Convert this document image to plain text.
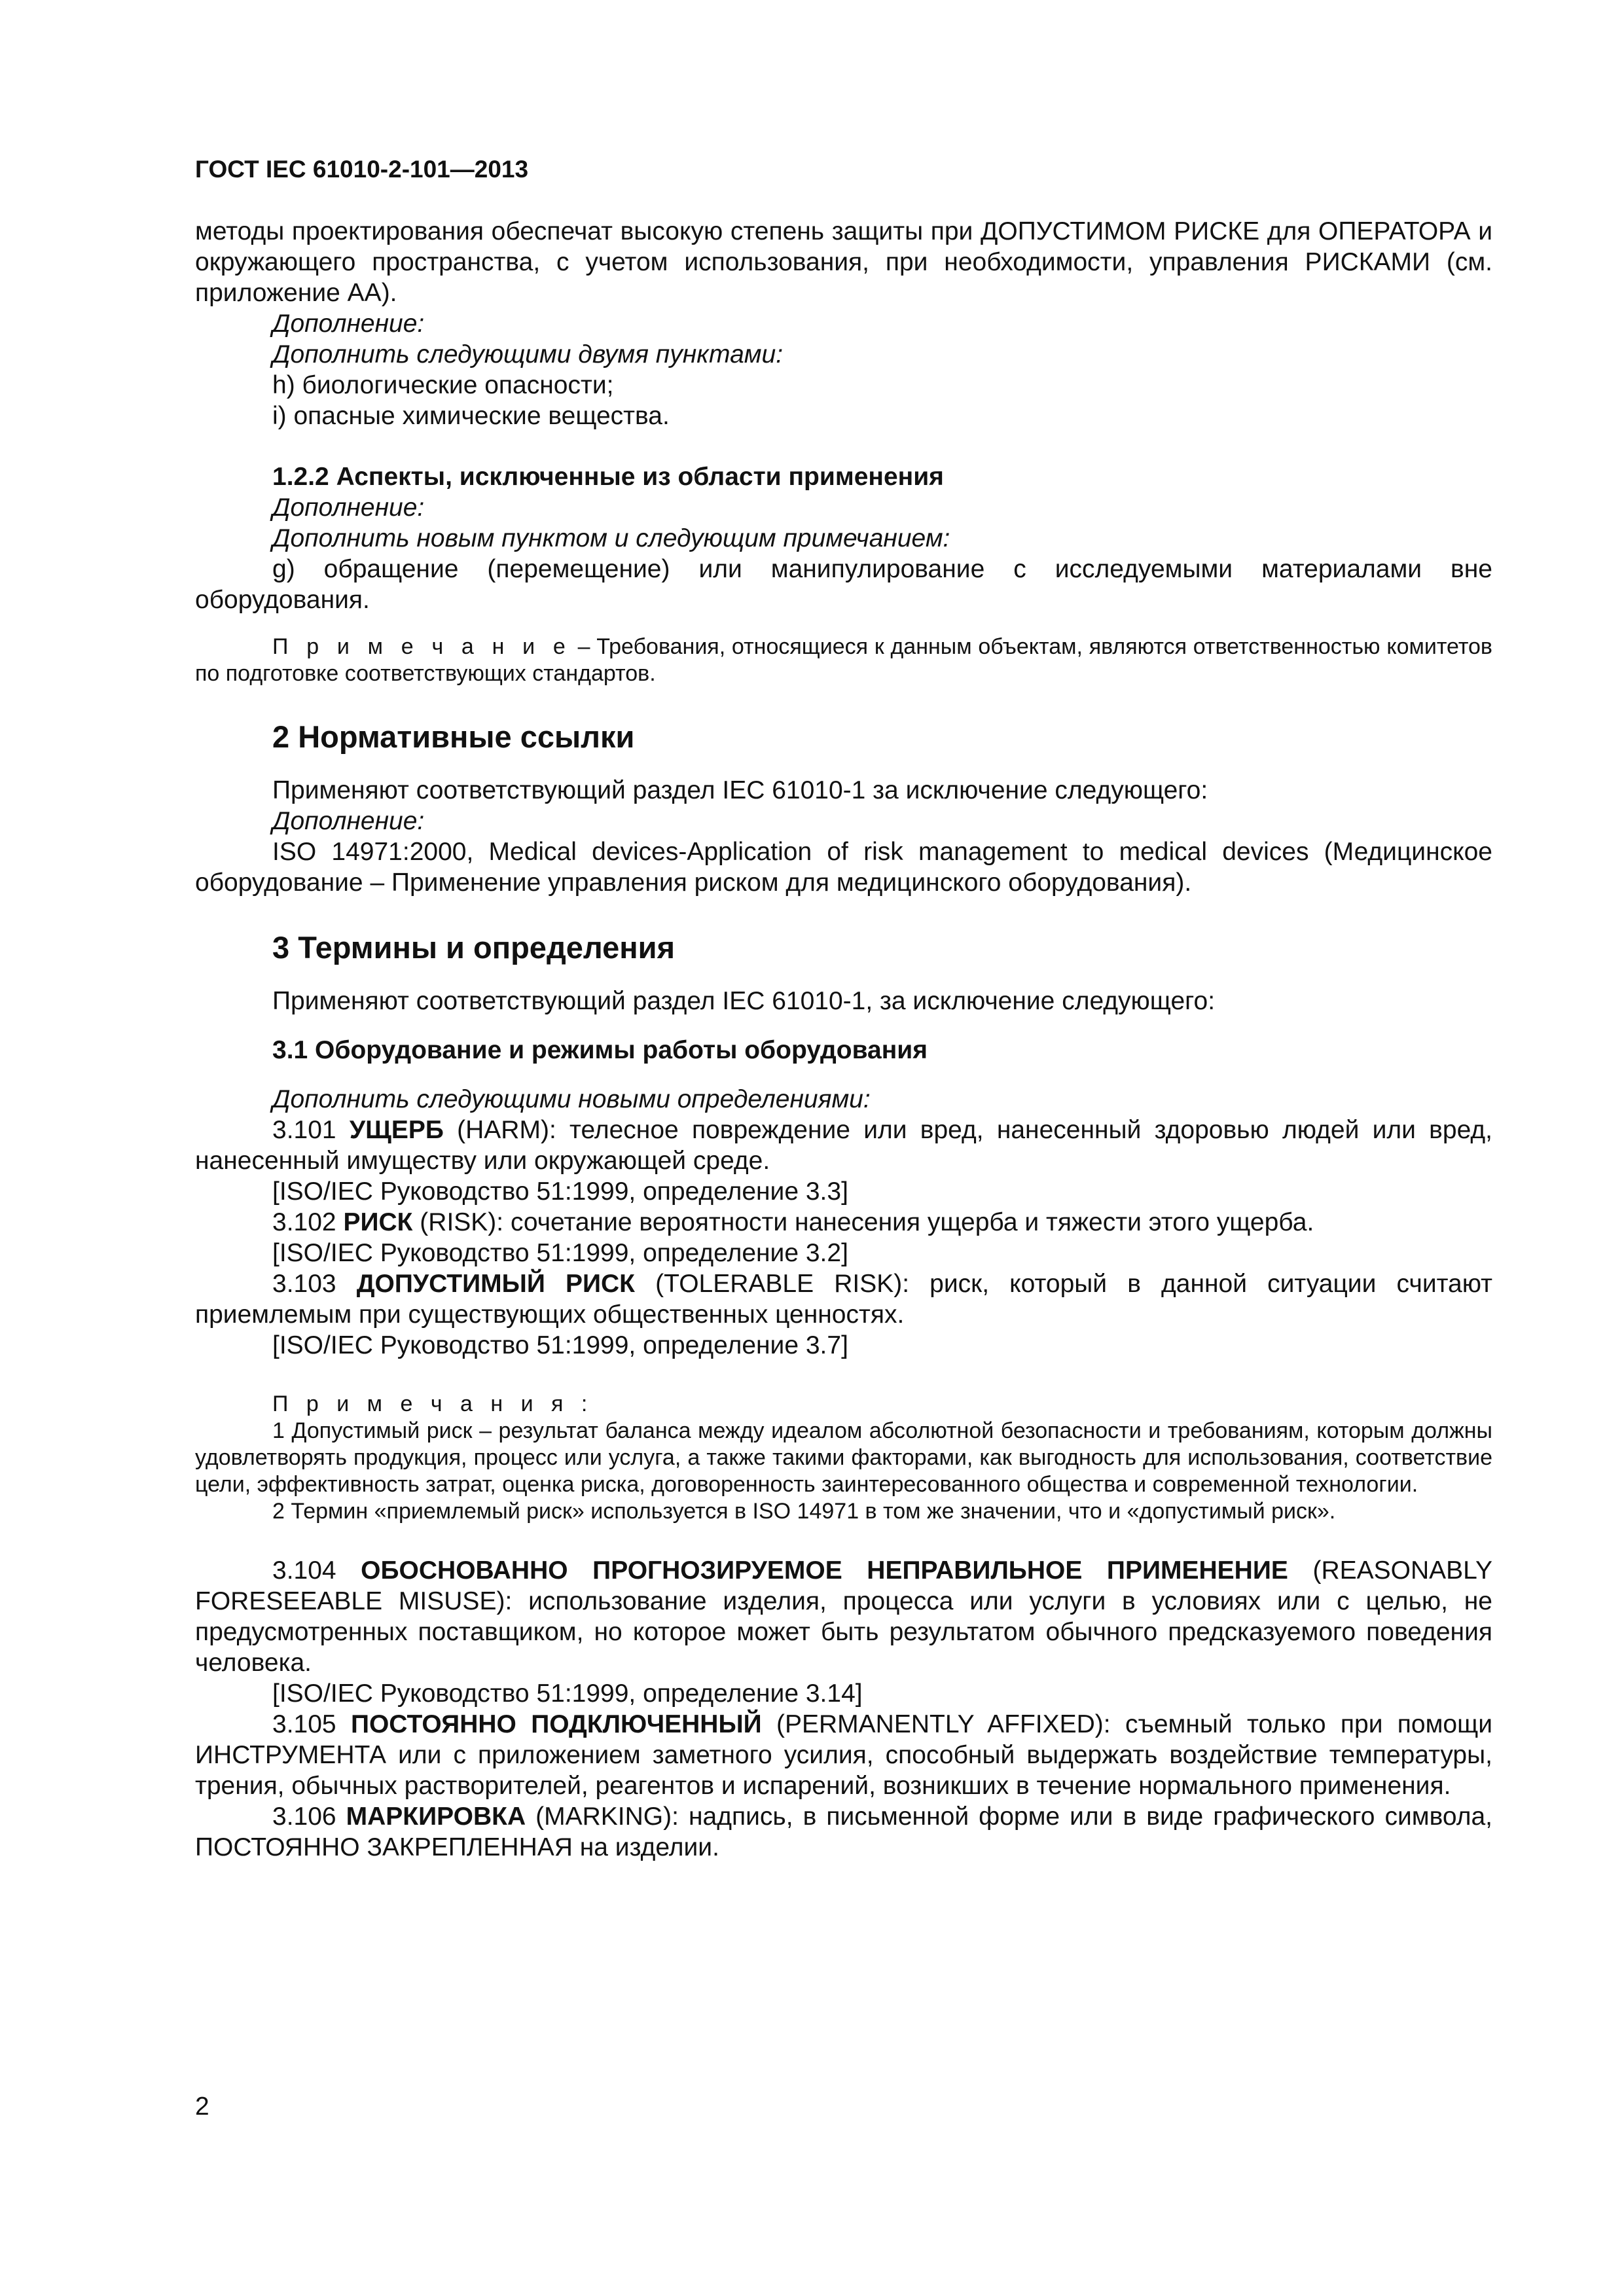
ГОСТ IEC 61010-2-101—2013

методы проектирования обеспечат высокую степень защиты при ДОПУСТИМОМ РИСКЕ для ОПЕРАТОРА и окружающего пространства, с учетом использования, при необходимости, управления РИСКАМИ (см. приложение АА).

Дополнение:

Дополнить следующими двумя пунктами:

h) биологические опасности;

i) опасные химические вещества.

1.2.2 Аспекты, исключенные из области применения

Дополнение:

Дополнить новым пунктом и следующим примечанием:

g) обращение (перемещение) или манипулирование с исследуемыми материалами вне оборудования.

П р и м е ч а н и е – Требования, относящиеся к данным объектам, являются ответственностью комитетов по подготовке соответствующих стандартов.

2 Нормативные ссылки

Применяют соответствующий раздел IEC 61010-1 за исключение следующего:

Дополнение:

ISO 14971:2000, Medical devices-Application of risk management to medical devices (Медицинское оборудование – Применение управления риском для медицинского оборудования).

3 Термины и определения

Применяют соответствующий раздел IEC 61010-1, за исключение следующего:

3.1 Оборудование и режимы работы оборудования

Дополнить следующими новыми определениями:

3.101 УЩЕРБ (HARM): телесное повреждение или вред, нанесенный здоровью людей или вред, нанесенный имуществу или окружающей среде.

[ISO/IEC Руководство 51:1999, определение 3.3]

3.102 РИСК (RISK): сочетание вероятности нанесения ущерба и тяжести этого ущерба.

[ISO/IEC Руководство 51:1999, определение 3.2]

3.103 ДОПУСТИМЫЙ РИСК (TOLERABLE RISK): риск, который в данной ситуации считают приемлемым при существующих общественных ценностях.

[ISO/IEC Руководство 51:1999, определение 3.7]

П р и м е ч а н и я :

1 Допустимый риск – результат баланса между идеалом абсолютной безопасности и требованиям, которым должны удовлетворять продукция, процесс или услуга, а также такими факторами, как выгодность для использования, соответствие цели, эффективность затрат, оценка риска, договоренность заинтересованного общества и современной технологии.

2 Термин «приемлемый риск» используется в ISO 14971 в том же значении, что и «допустимый риск».

3.104 ОБОСНОВАННО ПРОГНОЗИРУЕМОЕ НЕПРАВИЛЬНОЕ ПРИМЕНЕНИЕ (REASONABLY FORESEEABLE MISUSE): использование изделия, процесса или услуги в условиях или с целью, не предусмотренных поставщиком, но которое может быть результатом обычного предсказуемого поведения человека.

[ISO/IEC Руководство 51:1999, определение 3.14]

3.105 ПОСТОЯННО ПОДКЛЮЧЕННЫЙ (PERMANENTLY AFFIXED): съемный только при помощи ИНСТРУМЕНТА или с приложением заметного усилия, способный выдержать воздействие температуры, трения, обычных растворителей, реагентов и испарений, возникших в течение нормального применения.

3.106 МАРКИРОВКА (MARKING): надпись, в письменной форме или в виде графического символа, ПОСТОЯННО ЗАКРЕПЛЕННАЯ на изделии.

2
